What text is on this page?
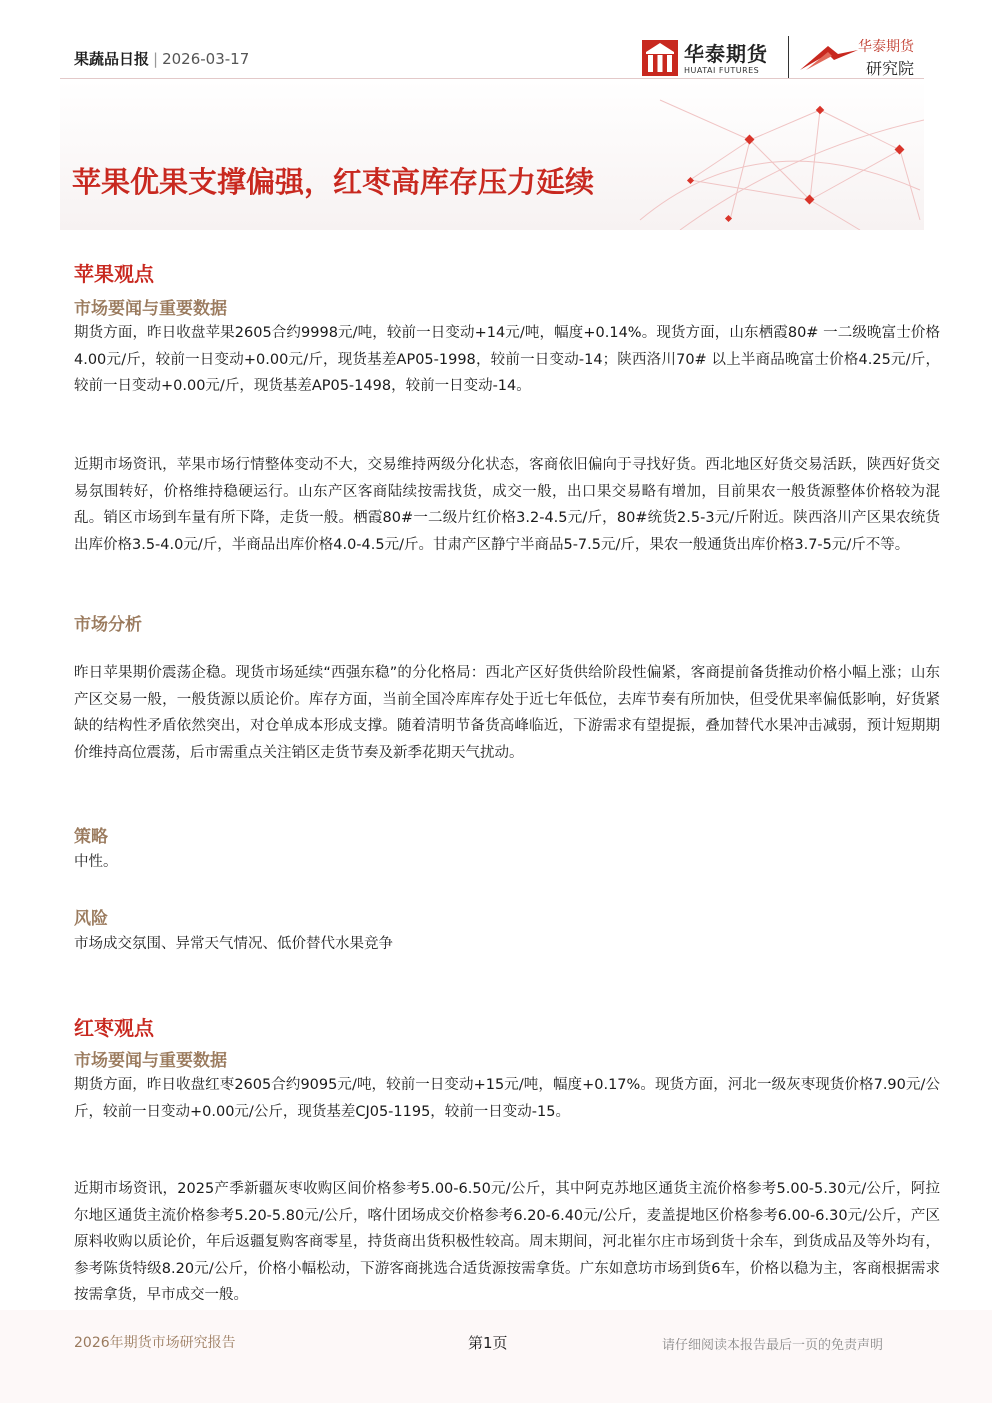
果蔬品日报 | 2026-03-17	华泰期货
HUATAI FUTURES
华泰期货
研究院
苹果优果支撑偏强，红枣高库存压力延续
苹果观点
市场要闻与重要数据

期货方面，昨日收盘苹果2605合约9998元/吨，较前一日变动+14元/吨，幅度+0.14%。现货方面，山东栖霞80# 一二级晚富士价格4.00元/斤，较前一日变动+0.00元/斤，现货基差AP05-1998，较前一日变动-14；陕西洛川70# 以上半商品晚富士价格4.25元/斤，较前一日变动+0.00元/斤，现货基差AP05-1498，较前一日变动-14。

近期市场资讯，苹果市场行情整体变动不大，交易维持两级分化状态，客商依旧偏向于寻找好货。西北地区好货交易活跃，陕西好货交易氛围转好，价格维持稳硬运行。山东产区客商陆续按需找货，成交一般，出口果交易略有增加，目前果农一般货源整体价格较为混乱。销区市场到车量有所下降，走货一般。栖霞80#一二级片红价格3.2-4.5元/斤，80#统货2.5-3元/斤附近。陕西洛川产区果农统货出库价格3.5-4.0元/斤，半商品出库价格4.0-4.5元/斤。甘肃产区静宁半商品5-7.5元/斤，果农一般通货出库价格3.7-5元/斤不等。

市场分析

昨日苹果期价震荡企稳。现货市场延续“西强东稳”的分化格局：西北产区好货供给阶段性偏紧，客商提前备货推动价格小幅上涨；山东产区交易一般，一般货源以质论价。库存方面，当前全国冷库库存处于近七年低位，去库节奏有所加快，但受优果率偏低影响，好货紧缺的结构性矛盾依然突出，对仓单成本形成支撑。随着清明节备货高峰临近，下游需求有望提振，叠加替代水果冲击减弱，预计短期期价维持高位震荡，后市需重点关注销区走货节奏及新季花期天气扰动。

策略

中性。

风险

市场成交氛围、异常天气情况、低价替代水果竞争

红枣观点
市场要闻与重要数据

期货方面，昨日收盘红枣2605合约9095元/吨，较前一日变动+15元/吨，幅度+0.17%。现货方面，河北一级灰枣现货价格7.90元/公斤，较前一日变动+0.00元/公斤，现货基差CJ05-1195，较前一日变动-15。

近期市场资讯，2025产季新疆灰枣收购区间价格参考5.00-6.50元/公斤，其中阿克苏地区通货主流价格参考5.00-5.30元/公斤，阿拉尔地区通货主流价格参考5.20-5.80元/公斤，喀什团场成交价格参考6.20-6.40元/公斤，麦盖提地区价格参考6.00-6.30元/公斤，产区原料收购以质论价，年后返疆复购客商零星，持货商出货积极性较高。周末期间，河北崔尔庄市场到货十余车，到货成品及等外均有，参考陈货特级8.20元/公斤，价格小幅松动，下游客商挑选合适货源按需拿货。广东如意坊市场到货6车，价格以稳为主，客商根据需求按需拿货，早市成交一般。

2026年期货市场研究报告	第1页	请仔细阅读本报告最后一页的免责声明
